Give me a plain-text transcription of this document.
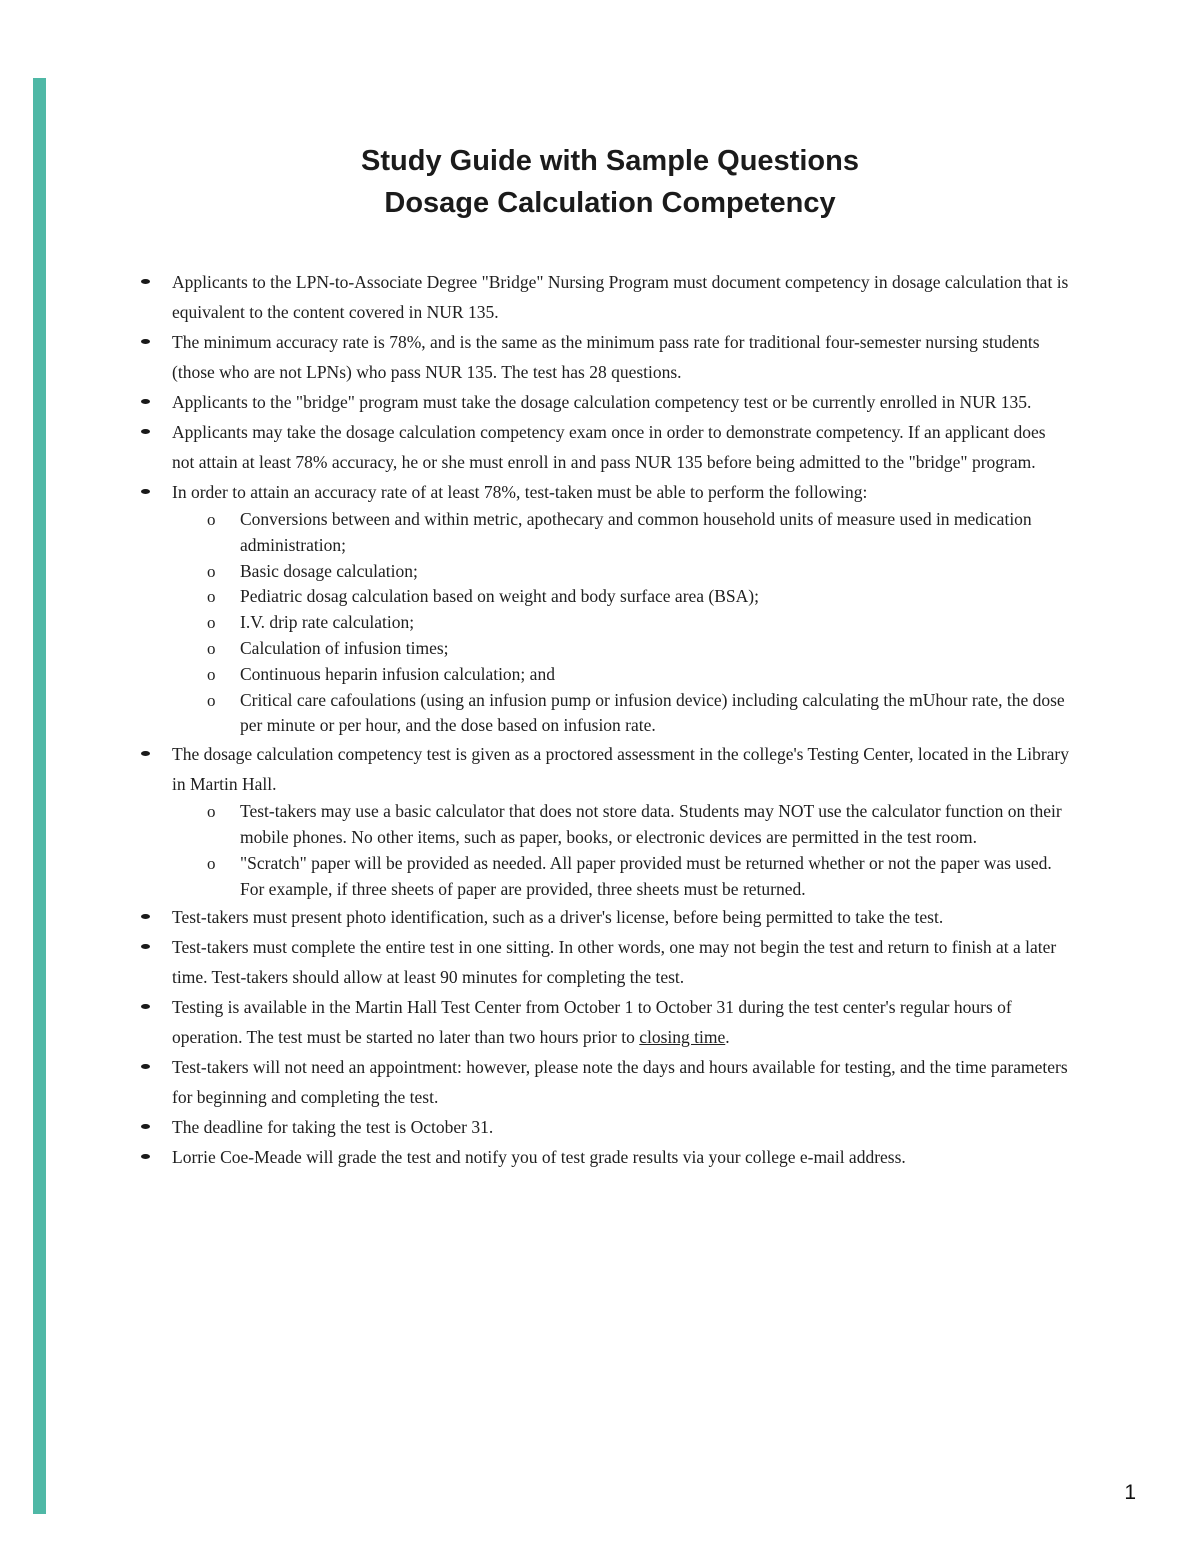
Study Guide with Sample Questions
Dosage Calculation Competency
Applicants to the LPN-to-Associate Degree "Bridge" Nursing Program must document competency in dosage calculation that is equivalent to the content covered in NUR 135.
The minimum accuracy rate is 78%, and is the same as the minimum pass rate for traditional four-semester nursing students (those who are not LPNs) who pass NUR 135. The test has 28 questions.
Applicants to the "bridge" program must take the dosage calculation competency test or be currently enrolled in NUR 135.
Applicants may take the dosage calculation competency exam once in order to demonstrate competency. If an applicant does not attain at least 78% accuracy, he or she must enroll in and pass NUR 135 before being admitted to the "bridge" program.
In order to attain an accuracy rate of at least 78%, test-taken must be able to perform the following:
o Conversions between and within metric, apothecary and common household units of measure used in medication administration;
o Basic dosage calculation;
o Pediatric dosag calculation based on weight and body surface area (BSA);
o I.V. drip rate calculation;
o Calculation of infusion times;
o Continuous heparin infusion calculation; and
o Critical care cafoulations (using an infusion pump or infusion device) including calculating the mUhour rate, the dose per minute or per hour, and the dose based on infusion rate.
The dosage calculation competency test is given as a proctored assessment in the college's Testing Center, located in the Library in Martin Hall.
o Test-takers may use a basic calculator that does not store data. Students may NOT use the calculator function on their mobile phones. No other items, such as paper, books, or electronic devices are permitted in the test room.
o "Scratch" paper will be provided as needed. All paper provided must be returned whether or not the paper was used. For example, if three sheets of paper are provided, three sheets must be returned.
Test-takers must present photo identification, such as a driver's license, before being permitted to take the test.
Test-takers must complete the entire test in one sitting. In other words, one may not begin the test and return to finish at a later time. Test-takers should allow at least 90 minutes for completing the test.
Testing is available in the Martin Hall Test Center from October 1 to October 31 during the test center's regular hours of operation. The test must be started no later than two hours prior to closing time.
Test-takers will not need an appointment: however, please note the days and hours available for testing, and the time parameters for beginning and completing the test.
The deadline for taking the test is October 31.
Lorrie Coe-Meade will grade the test and notify you of test grade results via your college e-mail address.
1
